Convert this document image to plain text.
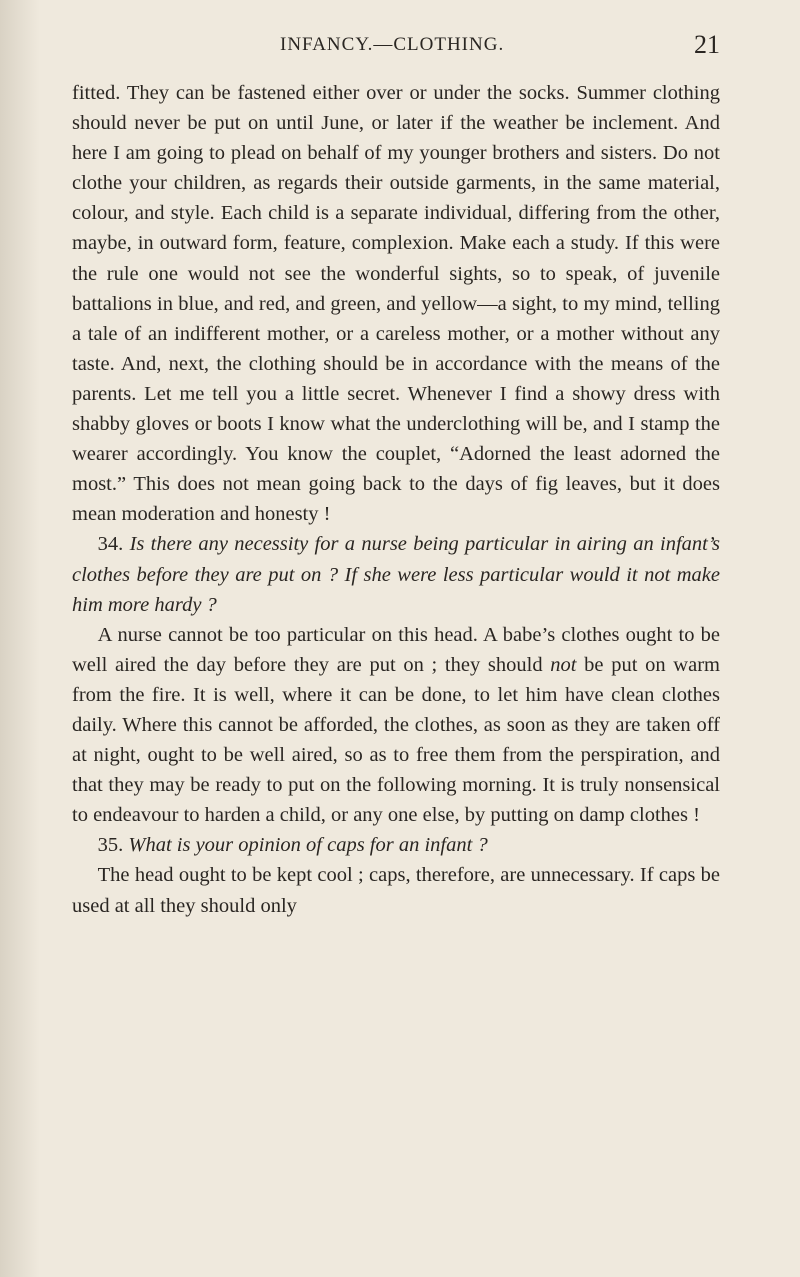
INFANCY.—CLOTHING.	21

fitted. They can be fastened either over or under the socks. Summer clothing should never be put on until June, or later if the weather be inclement. And here I am going to plead on behalf of my younger brothers and sisters. Do not clothe your children, as regards their outside garments, in the same material, colour, and style. Each child is a separate individual, differing from the other, maybe, in outward form, feature, complexion. Make each a study. If this were the rule one would not see the wonderful sights, so to speak, of juvenile battalions in blue, and red, and green, and yellow—a sight, to my mind, telling a tale of an indifferent mother, or a careless mother, or a mother without any taste. And, next, the clothing should be in accordance with the means of the parents. Let me tell you a little secret. Whenever I find a showy dress with shabby gloves or boots I know what the underclothing will be, and I stamp the wearer accordingly. You know the couplet, “Adorned the least adorned the most.” This does not mean going back to the days of fig leaves, but it does mean moderation and honesty !

34. Is there any necessity for a nurse being particular in airing an infant’s clothes before they are put on ? If she were less particular would it not make him more hardy ?

A nurse cannot be too particular on this head. A babe’s clothes ought to be well aired the day before they are put on ; they should not be put on warm from the fire. It is well, where it can be done, to let him have clean clothes daily. Where this cannot be afforded, the clothes, as soon as they are taken off at night, ought to be well aired, so as to free them from the perspiration, and that they may be ready to put on the following morning. It is truly nonsensical to endeavour to harden a child, or any one else, by putting on damp clothes !

35. What is your opinion of caps for an infant ?

The head ought to be kept cool ; caps, therefore, are unnecessary. If caps be used at all they should only
